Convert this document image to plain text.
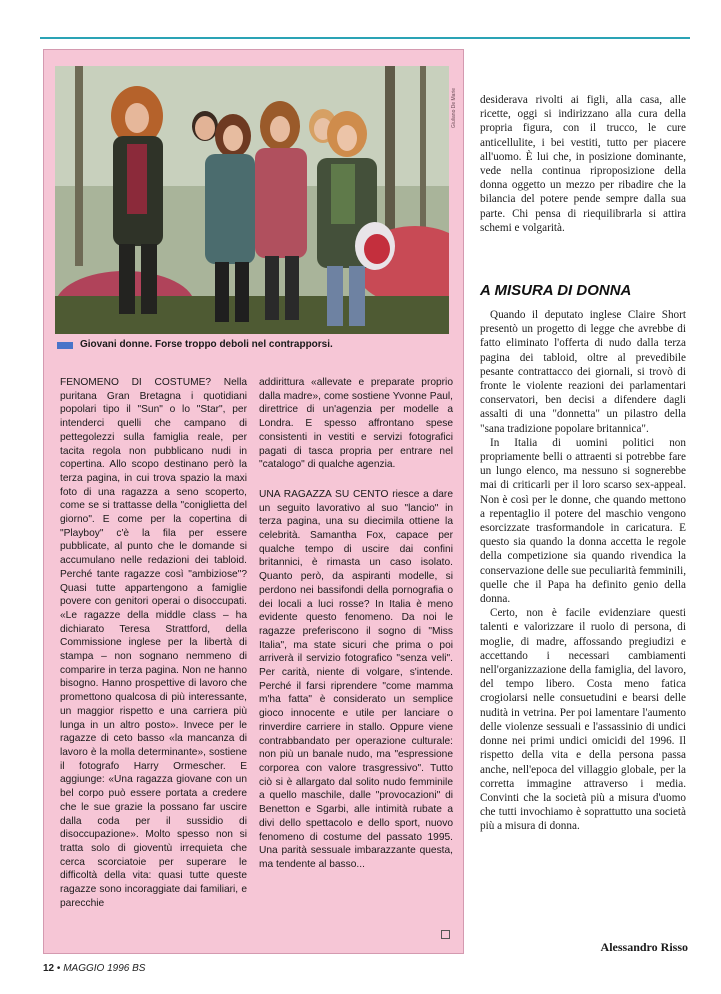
Giuliano De Marie
Giovani donne. Forse troppo deboli nel contrapporsi.

FENOMENO DI COSTUME? Nella puritana Gran Bretagna i quotidiani popolari tipo il "Sun" o lo "Star", per intenderci quelli che campano di pettegolezzi sulla famiglia reale, per tacita regola non pubblicano nudi in copertina. Allo scopo destinano però la terza pagina, in cui trova spazio la maxi foto di una ragazza a seno scoperto, come se si trattasse della "coniglietta del giorno". E come per la copertina di "Playboy" c'è la fila per essere pubblicate, al punto che le domande si accumulano nelle redazioni dei tabloid. Perché tante ragazze così "ambiziose"? Quasi tutte appartengono a famiglie povere con genitori operai o disoccupati. «Le ragazze della middle class – ha dichiarato Teresa Strattford, della Commissione inglese per la libertà di stampa – non sognano nemmeno di comparire in terza pagina. Non ne hanno bisogno. Hanno prospettive di lavoro che promettono qualcosa di più interessante, un maggior rispetto e una carriera più lunga in un altro posto». Invece per le ragazze di ceto basso «la mancanza di lavoro è la molla determinante», sostiene il fotografo Harry Ormescher. E aggiunge: «Una ragazza giovane con un bel corpo può essere portata a credere che le sue grazie la possano far uscire dalla coda per il sussidio di disoccupazione». Molto spesso non si tratta solo di gioventù irrequieta che cerca scorciatoie per superare le difficoltà della vita: quasi tutte queste ragazze sono incoraggiate dai familiari, e parecchie

addirittura «allevate e preparate proprio dalla madre», come sostiene Yvonne Paul, direttrice di un'agenzia per modelle a Londra. E spesso affrontano spese consistenti in vestiti e servizi fotografici pagati di tasca propria per entrare nel "catalogo" di qualche agenzia.

UNA RAGAZZA SU CENTO riesce a dare un seguito lavorativo al suo "lancio" in terza pagina, una su diecimila ottiene la celebrità. Samantha Fox, capace per qualche tempo di uscire dai confini britannici, è rimasta un caso isolato. Quanto però, da aspiranti modelle, si perdono nei bassifondi della pornografia o dei locali a luci rosse? In Italia è meno evidente questo fenomeno. Da noi le ragazze preferiscono il sogno di "Miss Italia", ma state sicuri che prima o poi arriverà il servizio fotografico "senza veli". Per carità, niente di volgare, s'intende. Perché il farsi riprendere "come mamma m'ha fatta" è considerato un semplice gioco innocente e utile per lanciare o rinverdire carriere in stallo. Oppure viene contrabbandato per operazione culturale: non più un banale nudo, ma "espressione corporea con valore trasgressivo". Tutto ciò si è allargato dal solito nudo femminile a quello maschile, dalle "provocazioni" di Benetton e Sgarbi, alle intimità rubate a divi dello spettacolo e dello sport, nuovo fenomeno di costume del passato 1995. Una parità sessuale imbarazzante questa, ma tendente al basso...

desiderava rivolti ai figli, alla casa, alle ricette, oggi si indirizzano alla cura della propria figura, con il trucco, le cure anticellulite, i bei vestiti, tutto per piacere all'uomo. È lui che, in posizione dominante, vede nella continua riproposizione della donna oggetto un mezzo per ribadire che la bilancia del potere pende sempre dalla sua parte. Chi pensa di riequilibrarla si attira schemi e volgarità.

A MISURA DI DONNA

Quando il deputato inglese Claire Short presentò un progetto di legge che avrebbe di fatto eliminato l'offerta di nudo dalla terza pagina dei tabloid, oltre al prevedibile pesante contrattacco dei giornali, si trovò di fronte le violente reazioni dei parlamentari conservatori, ben decisi a difendere dagli assalti di una "donnetta" un pilastro della "sana tradizione popolare britannica".

In Italia di uomini politici non propriamente belli o attraenti si potrebbe fare un lungo elenco, ma nessuno si sognerebbe mai di criticarli per il loro scarso sex-appeal. Non è così per le donne, che quando mettono a repentaglio il potere del maschio vengono esorcizzate trasformandole in caricatura. E questo sia quando la donna accetta le regole della competizione sia quando rivendica la conservazione delle sue peculiarità femminili, quelle che il Papa ha definito genio della donna.

Certo, non è facile evidenziare questi talenti e valorizzare il ruolo di persona, di moglie, di madre, affossando pregiudizi e accettando i necessari cambiamenti nell'organizzazione della famiglia, del lavoro, del tempo libero. Costa meno fatica crogiolarsi nelle consuetudini e bearsi delle nudità in vetrina. Per poi lamentare l'aumento delle violenze sessuali e l'assassinio di undici donne nei primi undici omicidi del 1996. Il rispetto della vita e della persona passa anche, nell'epoca del villaggio globale, per la corretta immagine attraverso i media. Convinti che la società più a misura d'uomo che tutti invochiamo è soprattutto una società più a misura di donna.

Alessandro Risso
12 • MAGGIO 1996 BS
